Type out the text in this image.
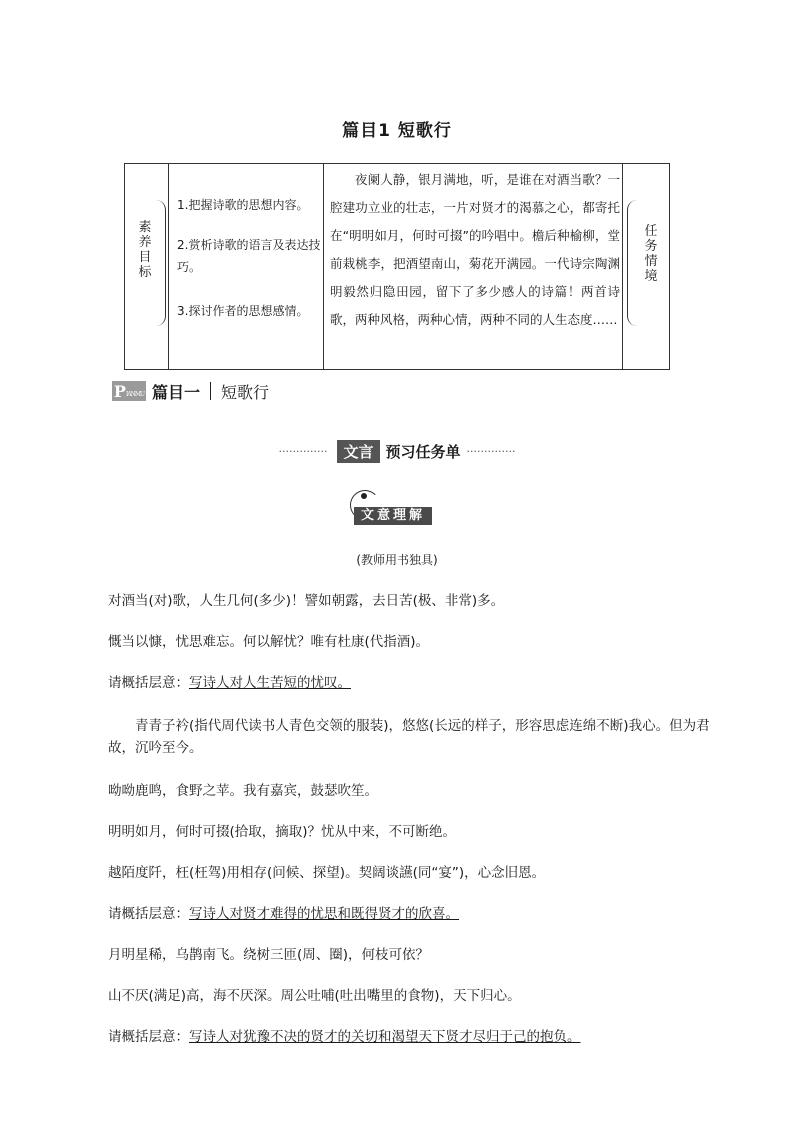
篇目1 短歌行
素养目标
1.把握诗歌的思想内容。
2.赏析诗歌的语言及表达技巧。
3.探讨作者的思想感情。
夜阑人静，银月满地，听，是谁在对酒当歌？一腔建功立业的壮志，一片对贤才的渴慕之心，都寄托在“明明如月，何时可掇”的吟唱中。檐后种榆柳，堂前栽桃李，把酒望南山，菊花开满园。一代诗宗陶渊明毅然归隐田园，留下了多少感人的诗篇！两首诗歌，两种风格，两种心情，两种不同的人生态度……
任务情境
P IANMU 篇目一 短歌行
··············	文言 预习任务单 ··············
文意理解
(教师用书独具)
对酒当(对)歌，人生几何(多少)！譬如朝露，去日苦(极、非常)多。
慨当以慷，忧思难忘。何以解忧？唯有杜康(代指酒)。
请概括层意：写诗人对人生苦短的忧叹。
青青子衿(指代周代读书人青色交领的服装)，悠悠(长远的样子，形容思虑连绵不断)我心。但为君故，沉吟至今。
呦呦鹿鸣，食野之苹。我有嘉宾，鼓瑟吹笙。
明明如月，何时可掇(拾取，摘取)？忧从中来，不可断绝。
越陌度阡，枉(枉驾)用相存(问候、探望)。契阔谈讌(同“宴”)，心念旧恩。
请概括层意：写诗人对贤才难得的忧思和既得贤才的欣喜。
月明星稀，乌鹊南飞。绕树三匝(周、圈)，何枝可依？
山不厌(满足)高，海不厌深。周公吐哺(吐出嘴里的食物)，天下归心。
请概括层意：写诗人对犹豫不决的贤才的关切和渴望天下贤才尽归于己的抱负。
